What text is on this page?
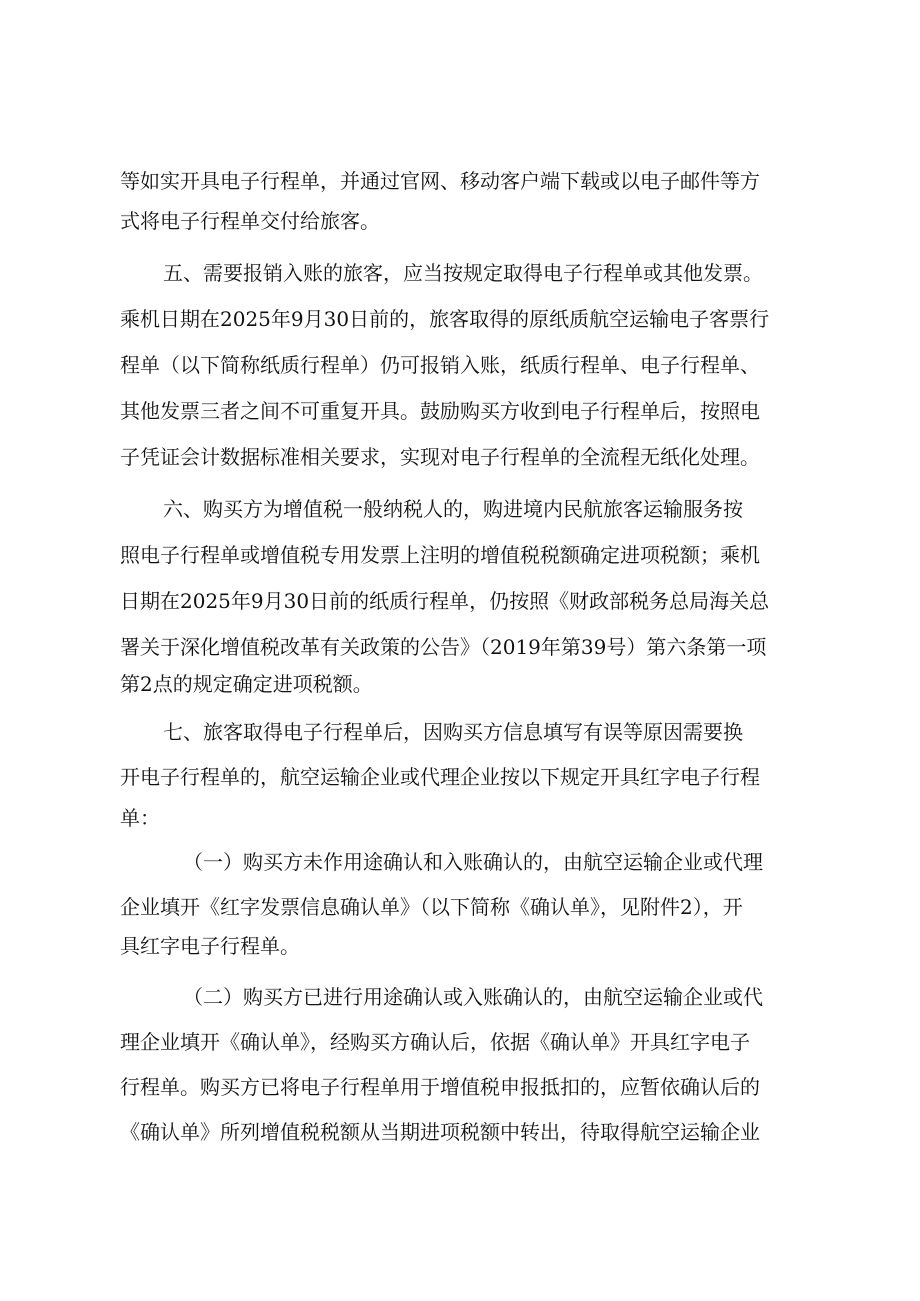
等如实开具电子行程单，并通过官网、移动客户端下载或以电子邮件等方
式将电子行程单交付给旅客。
五、需要报销入账的旅客，应当按规定取得电子行程单或其他发票。
乘机日期在2025年9月30日前的，旅客取得的原纸质航空运输电子客票行
程单（以下简称纸质行程单）仍可报销入账，纸质行程单、电子行程单、
其他发票三者之间不可重复开具。鼓励购买方收到电子行程单后，按照电
子凭证会计数据标准相关要求，实现对电子行程单的全流程无纸化处理。
六、购买方为增值税一般纳税人的，购进境内民航旅客运输服务按
照电子行程单或增值税专用发票上注明的增值税税额确定进项税额；乘机
日期在2025年9月30日前的纸质行程单，仍按照《财政部税务总局海关总
署关于深化增值税改革有关政策的公告》（2019年第39号）第六条第一项
第2点的规定确定进项税额。
七、旅客取得电子行程单后，因购买方信息填写有误等原因需要换
开电子行程单的，航空运输企业或代理企业按以下规定开具红字电子行程
单：
（一）购买方未作用途确认和入账确认的，由航空运输企业或代理
企业填开《红字发票信息确认单》（以下简称《确认单》，见附件2），开
具红字电子行程单。
（二）购买方已进行用途确认或入账确认的，由航空运输企业或代
理企业填开《确认单》，经购买方确认后，依据《确认单》开具红字电子
行程单。购买方已将电子行程单用于增值税申报抵扣的，应暂依确认后的
《确认单》所列增值税税额从当期进项税额中转出，待取得航空运输企业
